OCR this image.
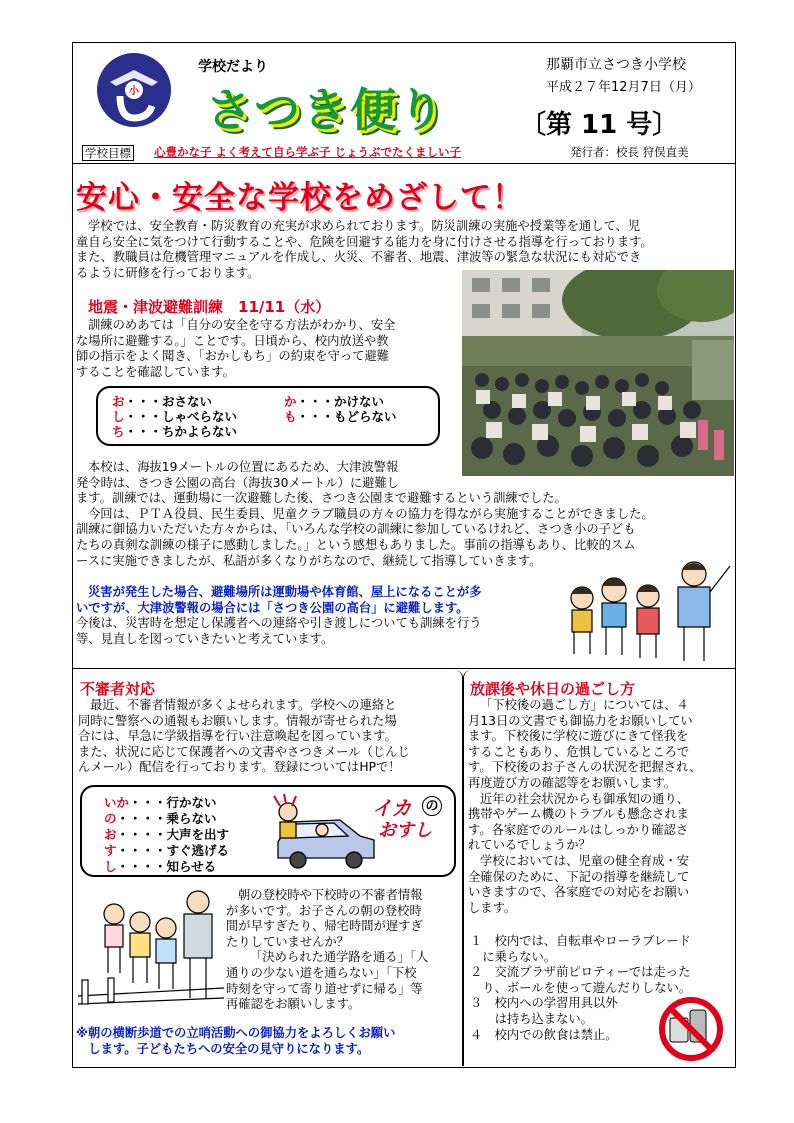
小
学校だより
さつき便り
那覇市立さつき小学校
平成２７年12月7日（月）
〔第 11 号〕
学校目標 心豊かな子 よく考えて自ら学ぶ子 じょうぶでたくましい子	発行者：校長 狩俣直美
安心・安全な学校をめざして！
学校では、安全教育・防災教育の充実が求められております。防災訓練の実施や授業等を通して、児
童自ら安全に気をつけて行動することや、危険を回避する能力を身に付けさせる指導を行っております。
また、教職員は危機管理マニュアルを作成し、火災、不審者、地震、津波等の緊急な状況にも対応でき
るように研修を行っております。
地震・津波避難訓練　11/11（水）
訓練のめあては「自分の安全を守る方法がわかり、安全
な場所に避難する。」ことです。日頃から、校内放送や教
師の指示をよく聞き、「おかしもち」の約束を守って避難
することを確認しています。
お・・・おさない	か・・・かけない
し・・・しゃべらない	も・・・もどらない
ち・・・ちかよらない
本校は、海抜19メートルの位置にあるため、大津波警報
発令時は、さつき公園の高台（海抜30メートル）に避難し
ます。訓練では、運動場に一次避難した後、さつき公園まで避難するという訓練でした。
今回は、ＰＴＡ役員、民生委員、児童クラブ職員の方々の協力を得ながら実施することができました。
訓練に御協力いただいた方々からは、「いろんな学校の訓練に参加しているけれど、さつき小の子ども
たちの真剣な訓練の様子に感動しました。」という感想もありました。事前の指導もあり、比較的スム
ースに実施できましたが、私語が多くなりがちなので、継続して指導していきます。
災害が発生した場合、避難場所は運動場や体育館、屋上になることが多
いですが、大津波警報の場合には「さつき公園の高台」に避難します。
今後は、災害時を想定し保護者への連絡や引き渡しについても訓練を行う
等、見直しを図っていきたいと考えています。
不審者対応
最近、不審者情報が多くよせられます。学校への連絡と
同時に警察への通報もお願いします。情報が寄せられた場
合には、早急に学級指導を行い注意喚起を図っています。
また、状況に応じて保護者への文書やさつきメール（じんじ
んメール）配信を行っております。登録についてはHPで！
いか・・・行かない
の・・・・乗らない
お・・・・大声を出す
す・・・・すぐ逃げる
し・・・・知らせる
イカ の
おすし
朝の登校時や下校時の不審者情報
が多いです。お子さんの朝の登校時
間が早すぎたり、帰宅時間が遅すぎ
たりしていませんか？
「決められた通学路を通る」「人
通りの少ない道を通らない」「下校
時刻を守って寄り道せずに帰る」等
再確認をお願いします。
※朝の横断歩道での立哨活動への御協力をよろしくお願い
　します。子どもたちへの安全の見守りになります。
放課後や休日の過ごし方
「下校後の過ごし方」については、４
月13日の文書でも御協力をお願いしてい
ます。下校後に学校に遊びにきて怪我を
することもあり、危惧しているところで
す。下校後のお子さんの状況を把握され、
再度遊び方の確認等をお願いします。
近年の社会状況からも御承知の通り、
携帯やゲーム機のトラブルも懸念されま
す。各家庭でのルールはしっかり確認さ
れているでしょうか？
学校においては、児童の健全育成・安
全確保のために、下記の指導を継続して
いきますので、各家庭での対応をお願い
します。
１　校内では、自転車やローラブレード
　に乗らない。
２　交流プラザ前ピロティーでは走った
　り、ボールを使って遊んだりしない。
３　校内への学習用具以外
　　は持ち込まない。
４　校内での飲食は禁止。
